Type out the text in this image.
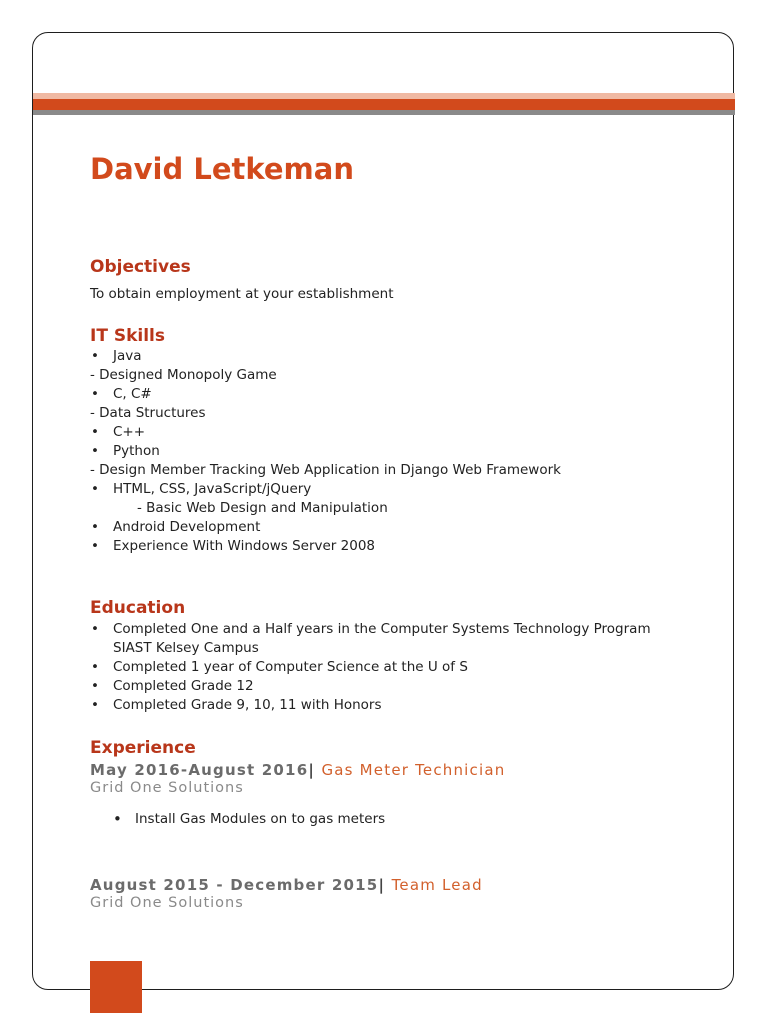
David Letkeman
Objectives
To obtain employment at your establishment
IT Skills
• Java
- Designed Monopoly Game
• C, C#
- Data Structures
• C++
• Python
- Design Member Tracking Web Application in Django Web Framework
• HTML, CSS, JavaScript/jQuery
- Basic Web Design and Manipulation
• Android Development
• Experience With Windows Server 2008
Education
• Completed One and a Half years in the Computer Systems Technology Program
SIAST Kelsey Campus
• Completed 1 year of Computer Science at the U of S
• Completed Grade 12
• Completed Grade 9, 10, 11 with Honors
Experience
May 2016-August 2016| Gas Meter Technician
Grid One Solutions
• Install Gas Modules on to gas meters
August 2015 - December 2015| Team Lead
Grid One Solutions
